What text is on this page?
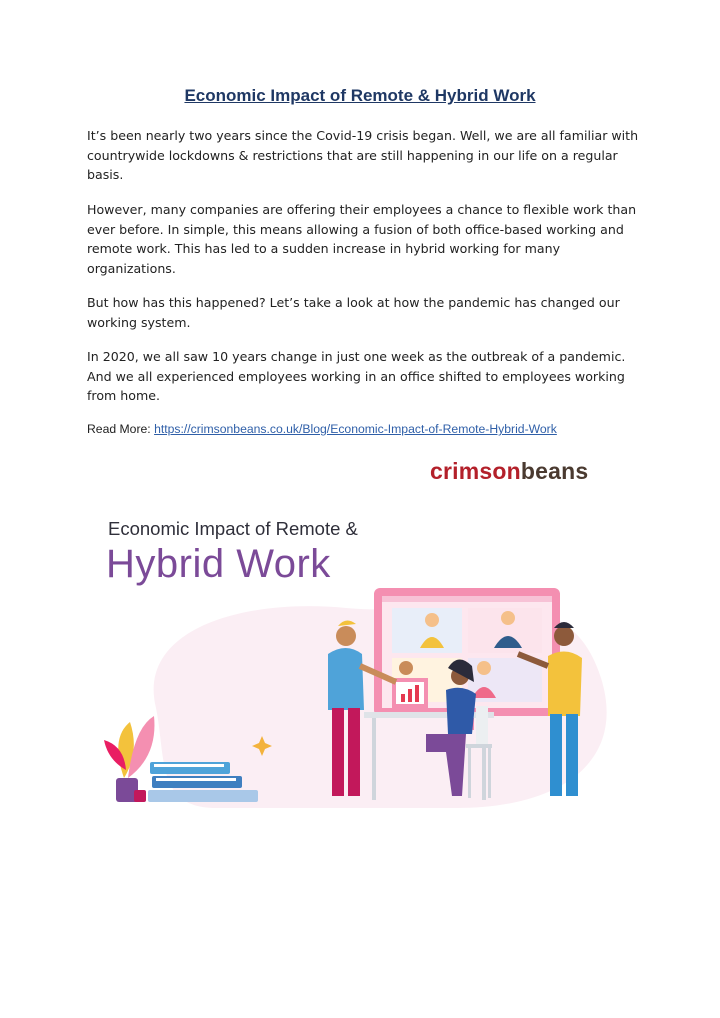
Economic Impact of Remote & Hybrid Work

It’s been nearly two years since the Covid-19 crisis began. Well, we are all familiar with countrywide lockdowns & restrictions that are still happening in our life on a regular basis.

However, many companies are offering their employees a chance to flexible work than ever before. In simple, this means allowing a fusion of both office-based working and remote work. This has led to a sudden increase in hybrid working for many organizations.

But how has this happened? Let’s take a look at how the pandemic has changed our working system.

In 2020, we all saw 10 years change in just one week as the outbreak of a pandemic. And we all experienced employees working in an office shifted to employees working from home.

Read More: https://crimsonbeans.co.uk/Blog/Economic-Impact-of-Remote-Hybrid-Work
crimsonbeans
Economic Impact of Remote &
Hybrid Work
